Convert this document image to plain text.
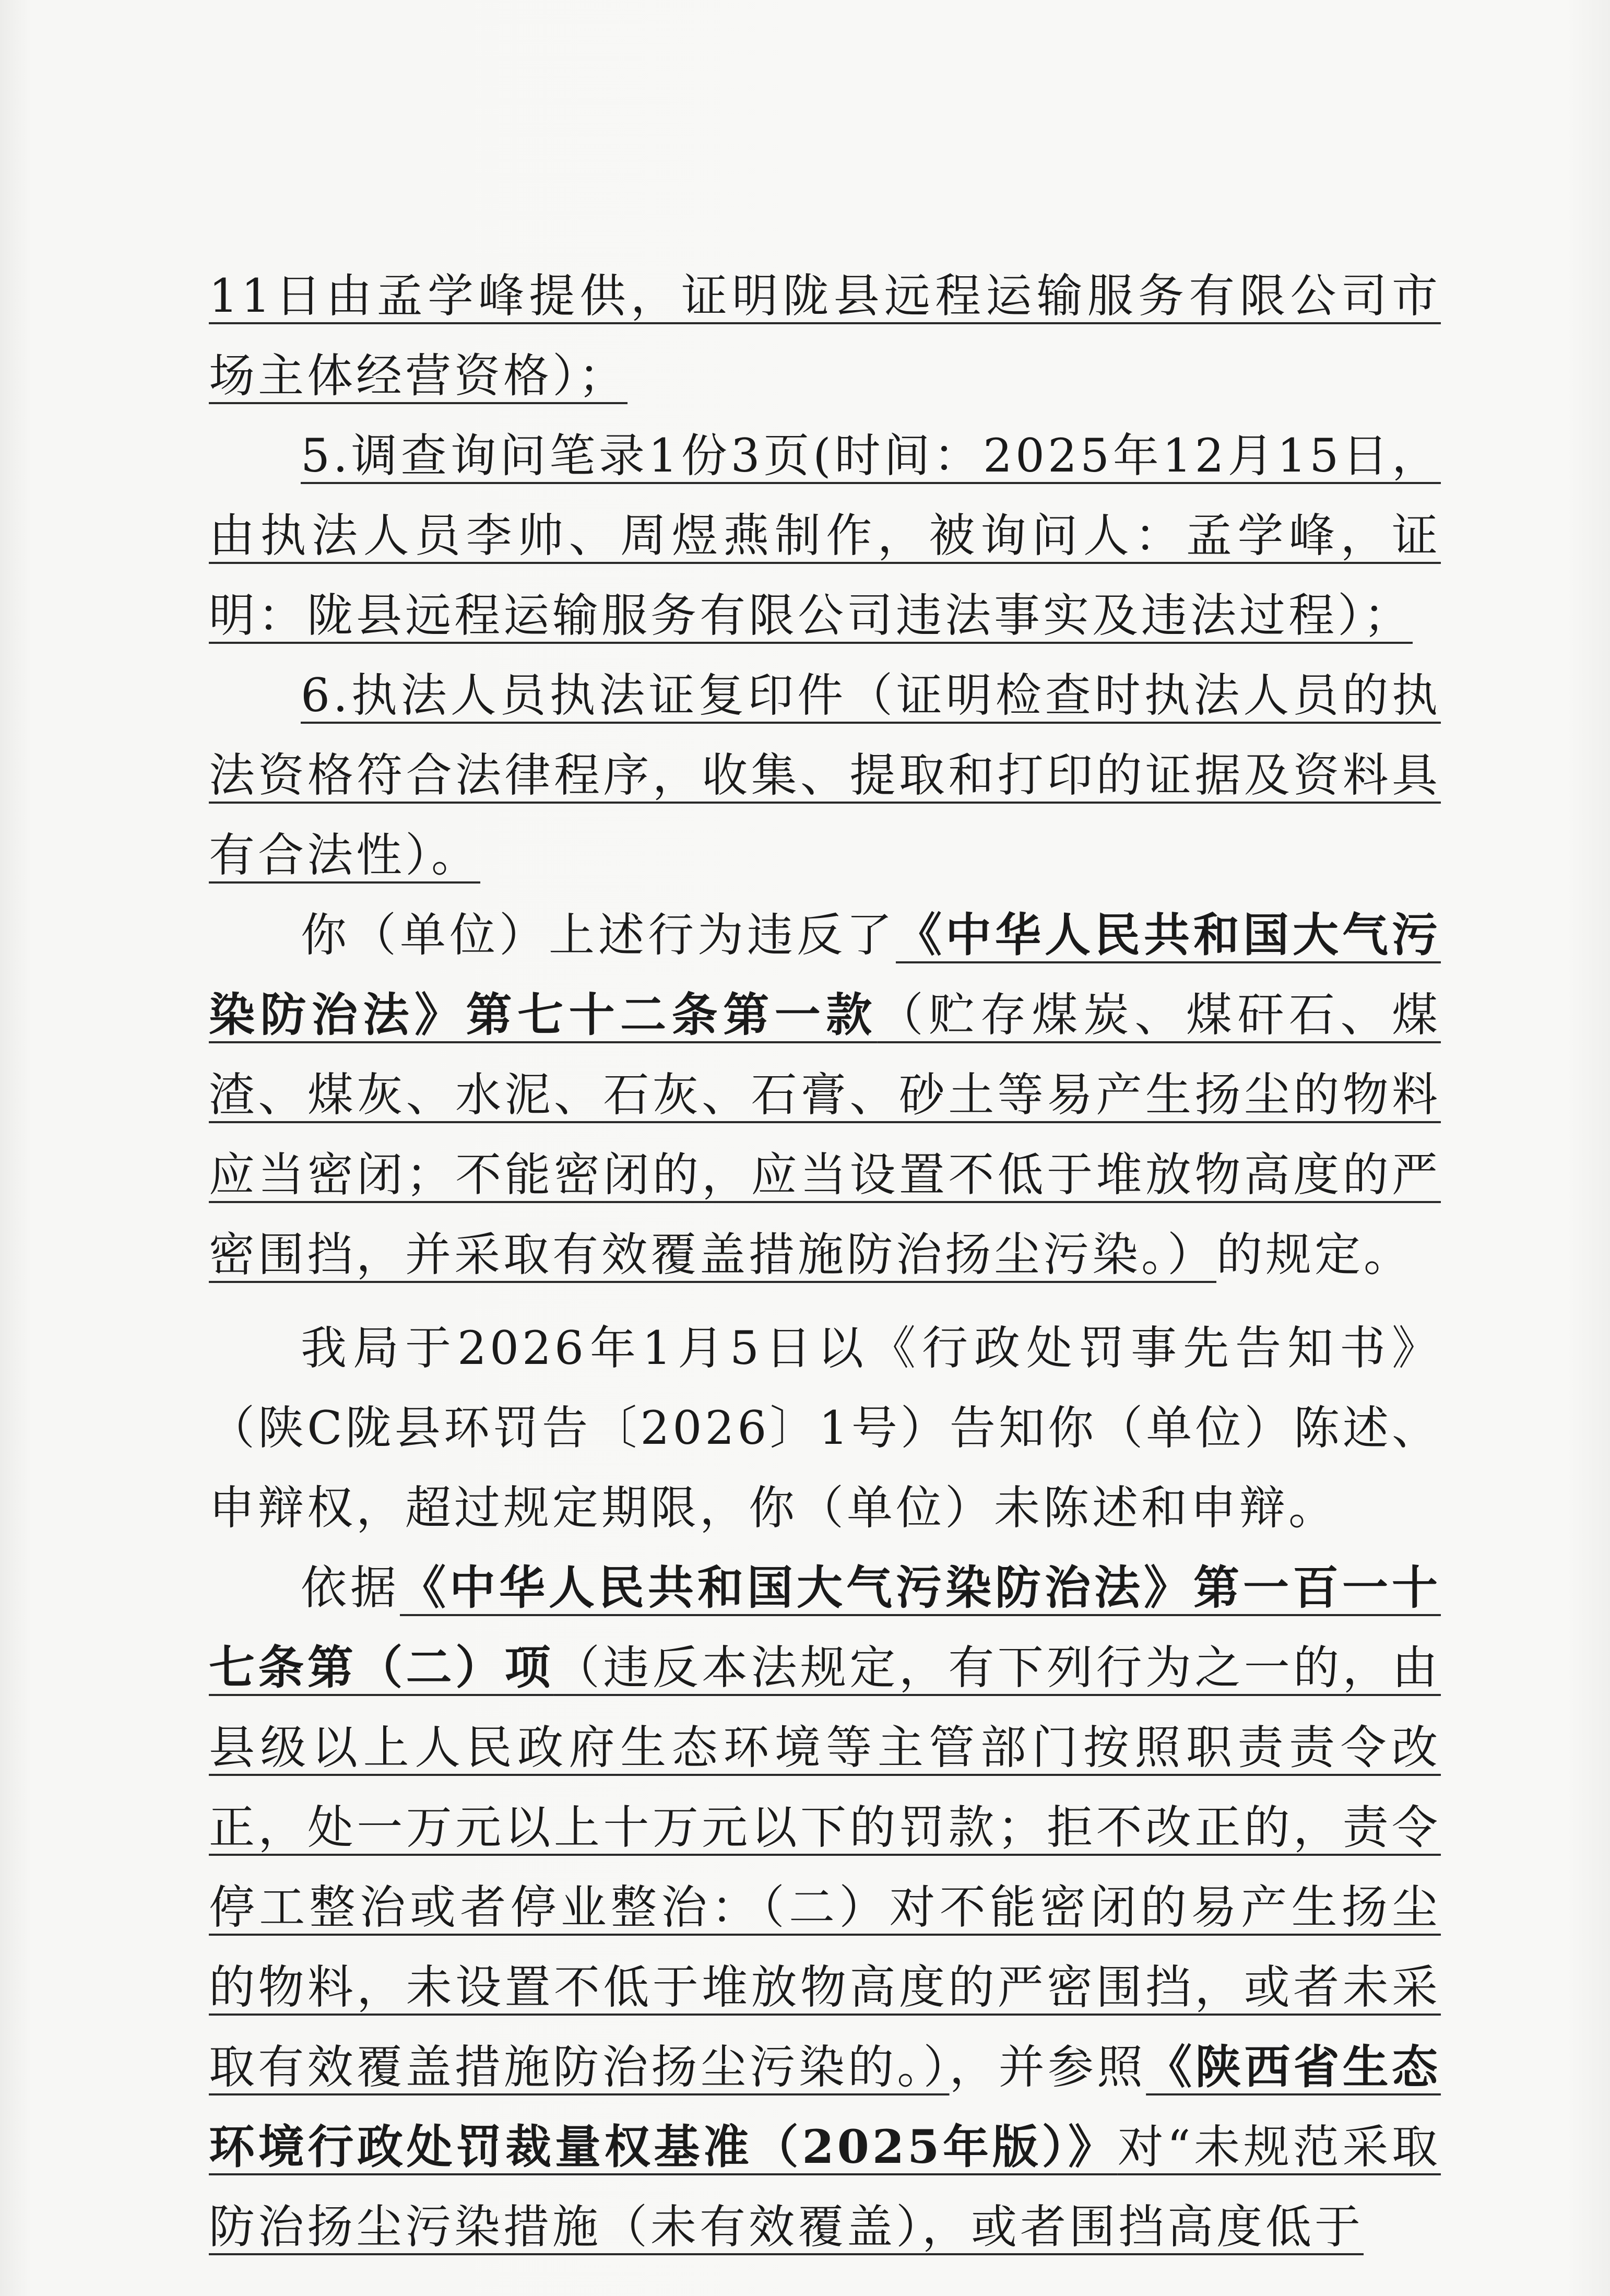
11日由孟学峰提供，证明陇县远程运输服务有限公司市场主体经营资格）；

5.调查询问笔录1份3页(时间：2025年12月15日，由执法人员李帅、周煜燕制作，被询问人：孟学峰，证明：陇县远程运输服务有限公司违法事实及违法过程）；

6.执法人员执法证复印件（证明检查时执法人员的执法资格符合法律程序，收集、提取和打印的证据及资料具有合法性）。

你（单位）上述行为违反了《中华人民共和国大气污染防治法》第七十二条第一款（贮存煤炭、煤矸石、煤渣、煤灰、水泥、石灰、石膏、砂土等易产生扬尘的物料应当密闭；不能密闭的，应当设置不低于堆放物高度的严密围挡，并采取有效覆盖措施防治扬尘污染。）的规定。

我局于2026年1月5日以《行政处罚事先告知书》（陕C陇县环罚告〔2026〕1号）告知你（单位）陈述、申辩权，超过规定期限，你（单位）未陈述和申辩。

依据《中华人民共和国大气污染防治法》第一百一十七条第（二）项（违反本法规定，有下列行为之一的，由县级以上人民政府生态环境等主管部门按照职责责令改正，处一万元以上十万元以下的罚款；拒不改正的，责令停工整治或者停业整治：（二）对不能密闭的易产生扬尘的物料，未设置不低于堆放物高度的严密围挡，或者未采取有效覆盖措施防治扬尘污染的。），并参照《陕西省生态环境行政处罚裁量权基准（2025年版）》对“未规范采取防治扬尘污染措施（未有效覆盖），或者围挡高度低于
